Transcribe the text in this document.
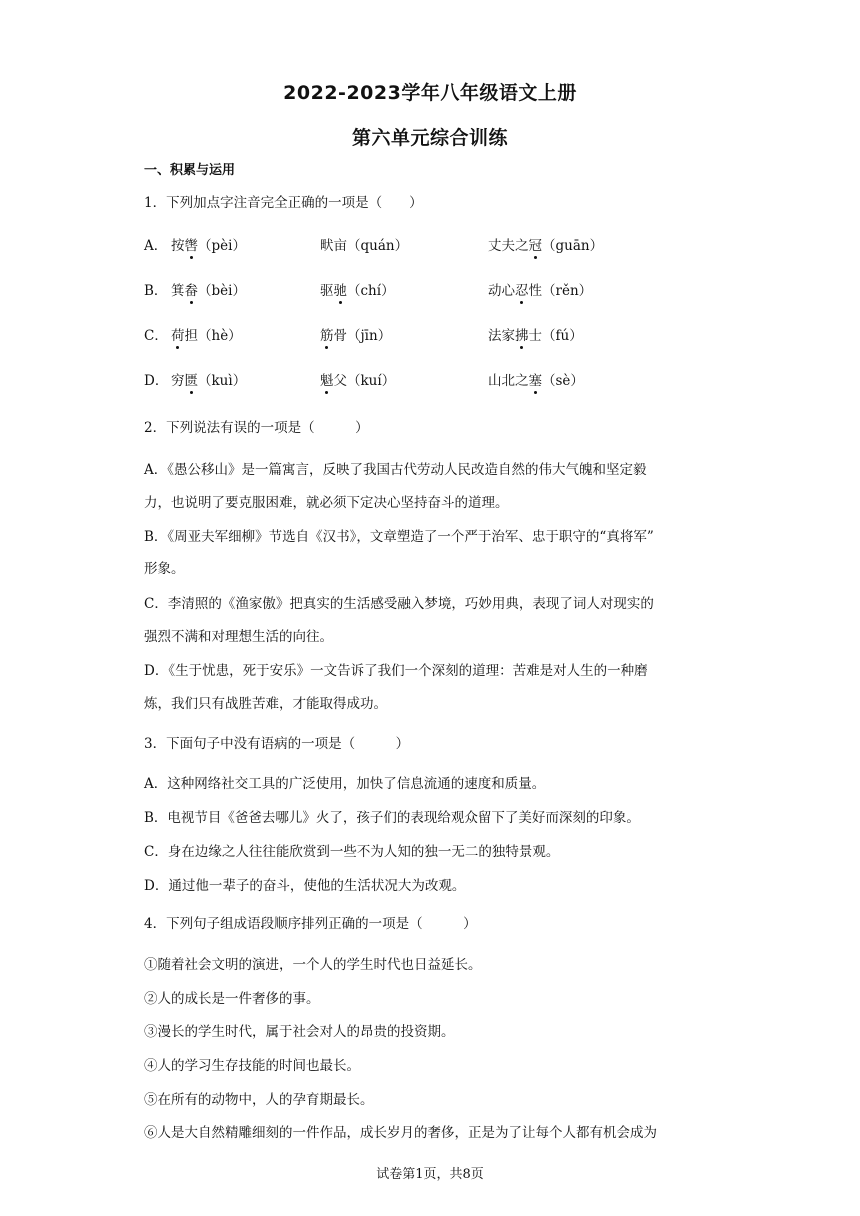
2022-2023学年八年级语文上册
第六单元综合训练
一、积累与运用
1．下列加点字注音完全正确的一项是（　　）
A． 按辔（pèi）	畎亩（quán）	丈夫之冠（guān）
B． 箕畚（bèi）	驱驰（chí）	动心忍性（rěn）
C． 荷担（hè）	筋骨（jīn）	法家拂士（fú）
D． 穷匮（kuì）	魁父（kuí）	山北之塞（sè）
2．下列说法有误的一项是（　　　）
A．《愚公移山》是一篇寓言，反映了我国古代劳动人民改造自然的伟大气魄和坚定毅
力，也说明了要克服困难，就必须下定决心坚持奋斗的道理。
B．《周亚夫军细柳》节选自《汉书》，文章塑造了一个严于治军、忠于职守的“真将军”
形象。
C．李清照的《渔家傲》把真实的生活感受融入梦境，巧妙用典，表现了词人对现实的
强烈不满和对理想生活的向往。
D．《生于忧患，死于安乐》一文告诉了我们一个深刻的道理：苦难是对人生的一种磨
炼，我们只有战胜苦难，才能取得成功。
3．下面句子中没有语病的一项是（　　　）
A．这种网络社交工具的广泛使用，加快了信息流通的速度和质量。
B．电视节目《爸爸去哪儿》火了，孩子们的表现给观众留下了美好而深刻的印象。
C．身在边缘之人往往能欣赏到一些不为人知的独一无二的独特景观。
D．通过他一辈子的奋斗，使他的生活状况大为改观。
4．下列句子组成语段顺序排列正确的一项是（　　　）
①随着社会文明的演进，一个人的学生时代也日益延长。
②人的成长是一件奢侈的事。
③漫长的学生时代，属于社会对人的昂贵的投资期。
④人的学习生存技能的时间也最长。
⑤在所有的动物中，人的孕育期最长。
⑥人是大自然精雕细刻的一件作品，成长岁月的奢侈，正是为了让每个人都有机会成为
试卷第1页，共8页
